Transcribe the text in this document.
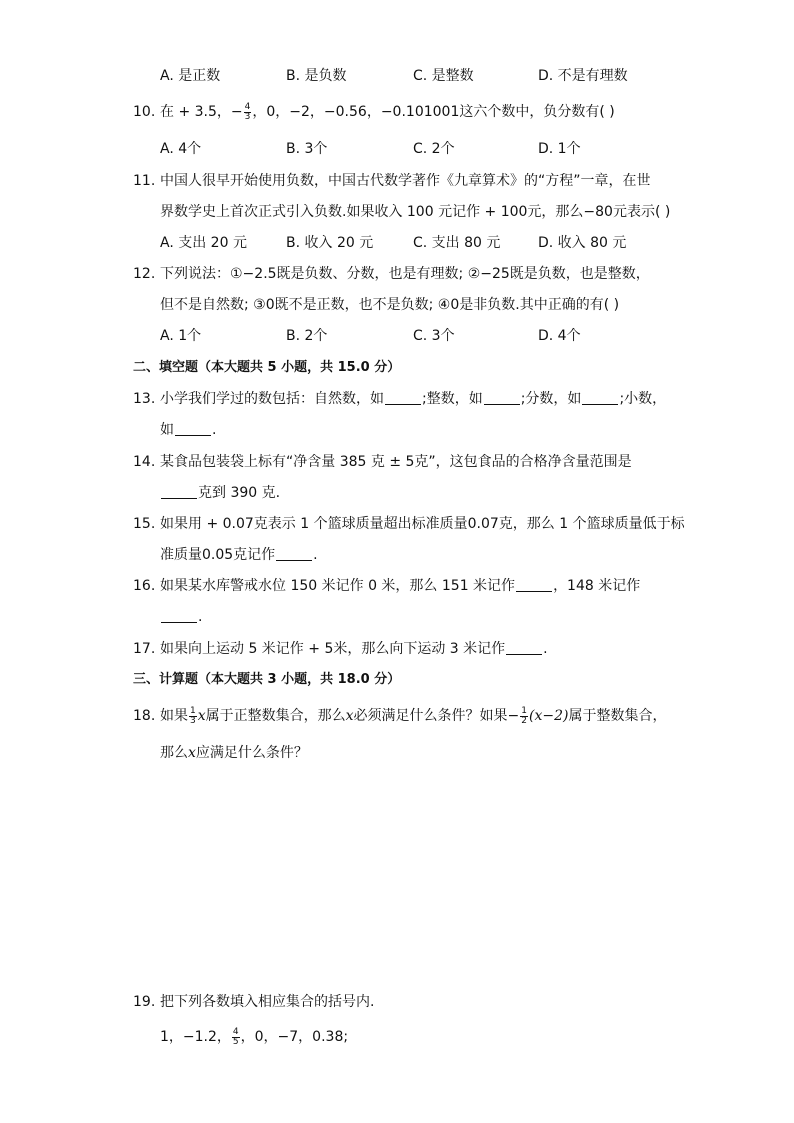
A. 是正数	B. 是负数	C. 是整数	D. 不是有理数
10. 在 + 3.5，− $\frac{4}{3}$ ，0，−2，−0.56，−0.101001这六个数中，负分数有( )
A. 4个	B. 3个	C. 2个	D. 1个
11. 中国人很早开始使用负数，中国古代数学著作《九章算术》的“方程”一章，在世
界数学史上首次正式引入负数.如果收入 100 元记作 + 100元，那么−80元表示( )
A. 支出 20 元	B. 收入 20 元	C. 支出 80 元	D. 收入 80 元
12. 下列说法：①−2.5既是负数、分数，也是有理数; ②−25既是负数，也是整数，
但不是自然数; ③0既不是正数，也不是负数; ④0是非负数.其中正确的有( )
A. 1个	B. 2个	C. 3个	D. 4个
二、填空题（本大题共 5 小题，共 15.0 分）
13. 小学我们学过的数包括：自然数，如	;整数，如	;分数，如	;小数，
如	.
14. 某食品包装袋上标有“净含量 385 克 ± 5克”，这包食品的合格净含量范围是
克到 390 克.
15. 如果用 + 0.07克表示 1 个篮球质量超出标准质量0.07克，那么 1 个篮球质量低于标
准质量0.05克记作	.
16. 如果某水库警戒水位 150 米记作 0 米，那么 151 米记作	，148 米记作
.
17. 如果向上运动 5 米记作 + 5米，那么向下运动 3 米记作	.
三、计算题（本大题共 3 小题，共 18.0 分）
18. 如果 $\frac{1}{3}$ x属于正整数集合，那么x必须满足什么条件？如果− $\frac{1}{2} (x-2)$属于整数集合，
那么x应满足什么条件？
19. 把下列各数填入相应集合的括号内.
1，−1.2， $\frac{4}{5}$ ，0，−7，0.38;
